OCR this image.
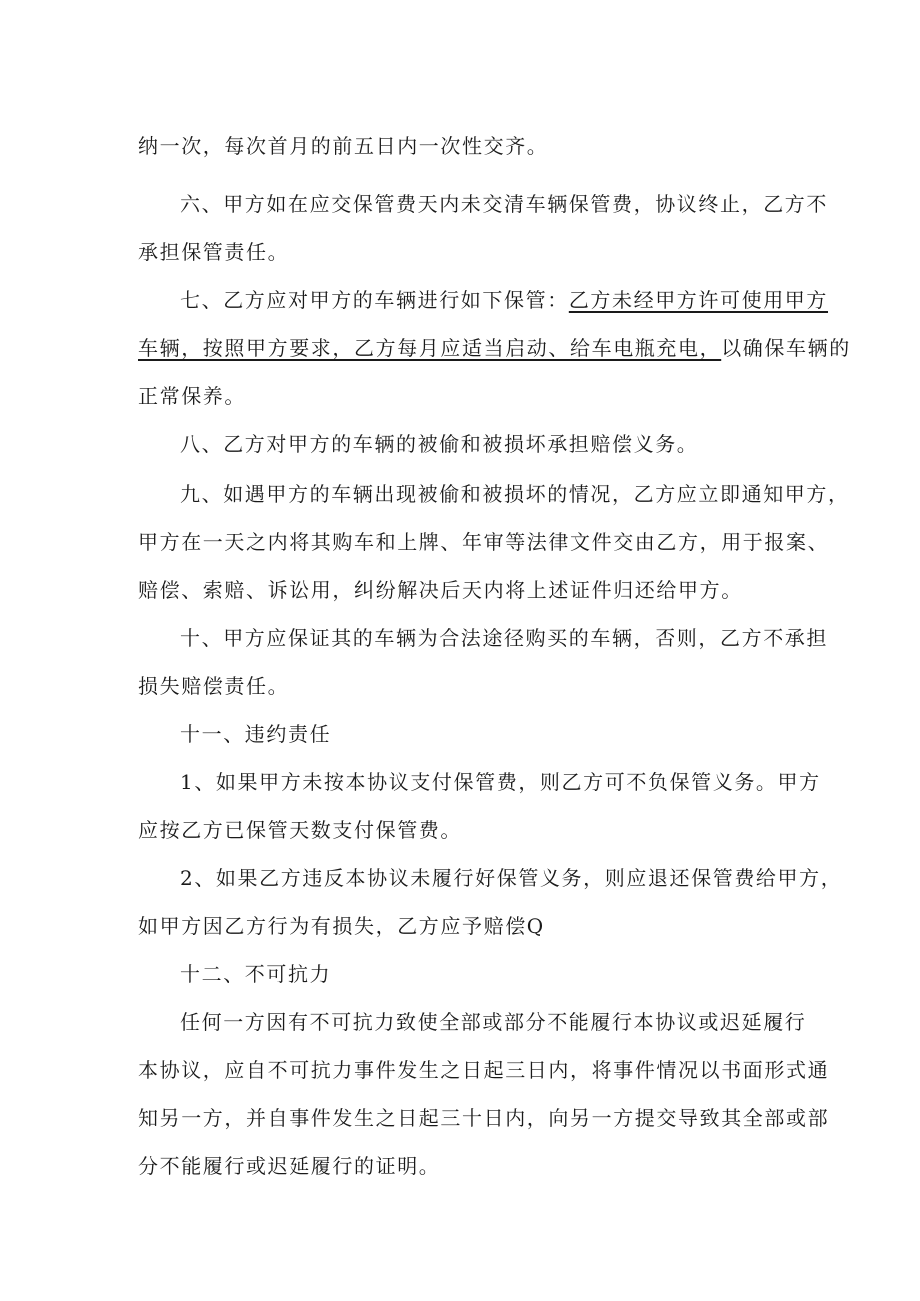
纳一次，每次首月的前五日内一次性交齐。
六、甲方如在应交保管费天内未交清车辆保管费，协议终止，乙方不
承担保管责任。
七、乙方应对甲方的车辆进行如下保管：乙方未经甲方许可使用甲方
车辆，按照甲方要求，乙方每月应适当启动、给车电瓶充电，以确保车辆的
正常保养。
八、乙方对甲方的车辆的被偷和被损坏承担赔偿义务。
九、如遇甲方的车辆出现被偷和被损坏的情况，乙方应立即通知甲方，
甲方在一天之内将其购车和上牌、年审等法律文件交由乙方，用于报案、
赔偿、索赔、诉讼用，纠纷解决后天内将上述证件归还给甲方。
十、甲方应保证其的车辆为合法途径购买的车辆，否则，乙方不承担
损失赔偿责任。
十一、违约责任
1、如果甲方未按本协议支付保管费，则乙方可不负保管义务。甲方
应按乙方已保管天数支付保管费。
2、如果乙方违反本协议未履行好保管义务，则应退还保管费给甲方，
如甲方因乙方行为有损失，乙方应予赔偿Q
十二、不可抗力
任何一方因有不可抗力致使全部或部分不能履行本协议或迟延履行
本协议，应自不可抗力事件发生之日起三日内，将事件情况以书面形式通
知另一方，并自事件发生之日起三十日内，向另一方提交导致其全部或部
分不能履行或迟延履行的证明。
